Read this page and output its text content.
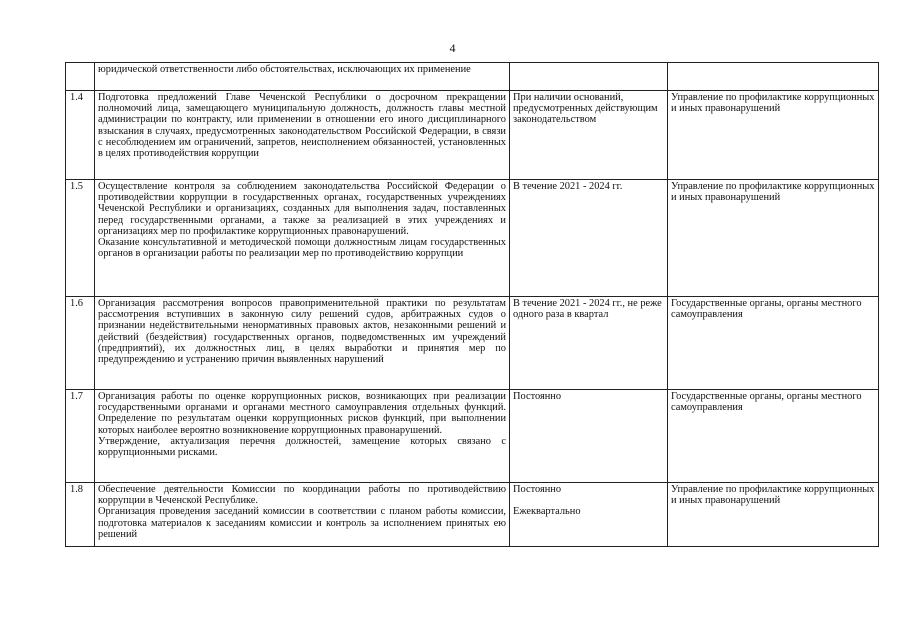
4

	юридической ответственности либо обстоятельствах, исключающих их применение		

1.4	Подготовка предложений Главе Чеченской Республики о досрочном прекращении полномочий лица, замещающего муниципальную должность, должность главы местной администрации по контракту, или применении в отношении его иного дисциплинарного взыскания в случаях, предусмотренных законодательством Российской Федерации, в связи с несоблюдением им ограничений, запретов, неисполнением обязанностей, установленных в целях противодействия коррупции	При наличии оснований, предусмотренных действующим законодательством	Управление по профилактике коррупционных и иных правонарушений
1.5	Осуществление контроля за соблюдением законодательства Российской Федерации о противодействии коррупции в государственных органах, государственных учреждениях Чеченской Республики и организациях, созданных для выполнения задач, поставленных перед государственными органами, а также за реализацией в этих учреждениях и организациях мер по профилактике коррупционных правонарушений.
Оказание консультативной и методической помощи должностным лицам государственных органов в организации работы по реализации мер по противодействию коррупции	В течение 2021 - 2024 гг.	Управление по профилактике коррупционных и иных правонарушений
1.6	Организация рассмотрения вопросов правоприменительной практики по результатам рассмотрения вступивших в законную силу решений судов, арбитражных судов о признании недействительными ненормативных правовых актов, незаконными решений и действий (бездействия) государственных органов, подведомственных им учреждений (предприятий), их должностных лиц, в целях выработки и принятия мер по предупреждению и устранению причин выявленных нарушений	В течение 2021 - 2024 гг., не реже одного раза в квартал	Государственные органы, органы местного самоуправления
1.7	Организация работы по оценке коррупционных рисков, возникающих при реализации государственными органами и органами местного самоуправления отдельных функций. Определение по результатам оценки коррупционных рисков функций, при выполнении которых наиболее вероятно возникновение коррупционных правонарушений.
Утверждение, актуализация перечня должностей, замещение которых связано с коррупционными рисками.	Постоянно	Государственные органы, органы местного самоуправления
1.8	Обеспечение деятельности Комиссии по координации работы по противодействию коррупции в Чеченской Республике.
Организация проведения заседаний комиссии в соответствии с планом работы комиссии, подготовка материалов к заседаниям комиссии и контроль за исполнением принятых ею решений	Постоянно
Ежеквартально	Управление по профилактике коррупционных и иных правонарушений
